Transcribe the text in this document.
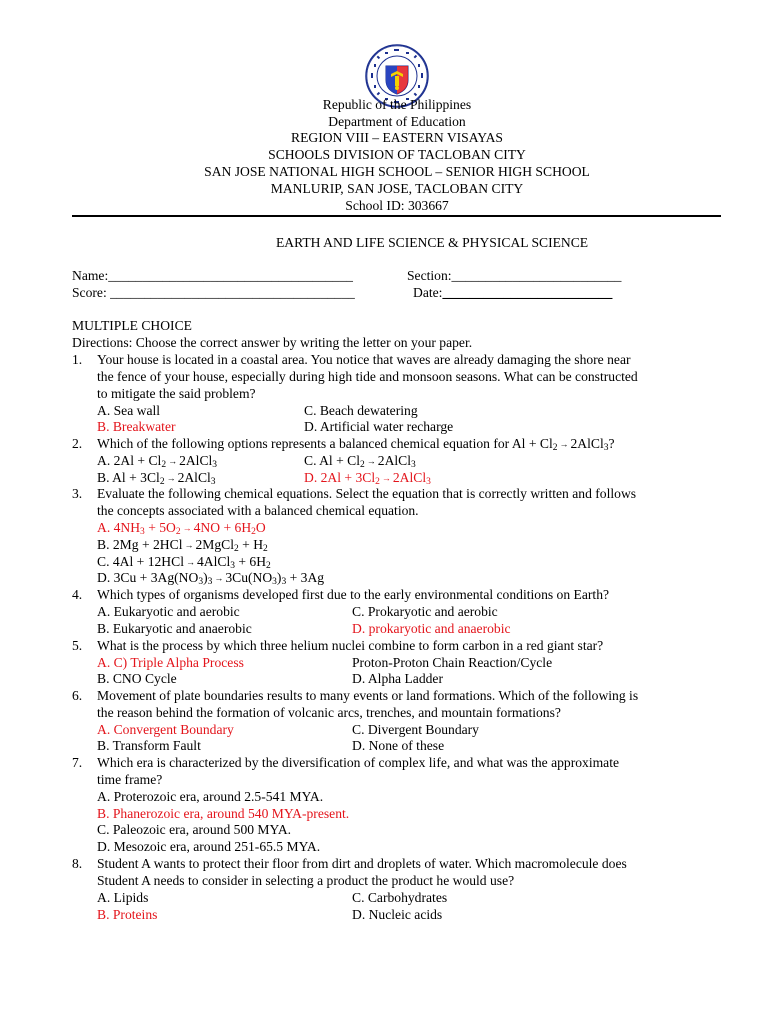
Republic of the Philippines
Department of Education
REGION VIII – EASTERN VISAYAS
SCHOOLS DIVISION OF TACLOBAN CITY
SAN JOSE NATIONAL HIGH SCHOOL – SENIOR HIGH SCHOOL
MANLURIP, SAN JOSE, TACLOBAN CITY
School ID: 303667
EARTH AND LIFE SCIENCE & PHYSICAL SCIENCE
Name:____________________________________	Section:_________________________
Score: ____________________________________	Date:_________________________
MULTIPLE CHOICE
Directions: Choose the correct answer by writing the letter on your paper.
1. Your house is located in a coastal area. You notice that waves are already damaging the shore near
the fence of your house, especially during high tide and monsoon seasons. What can be constructed
to mitigate the said problem?
A. Sea wall	C. Beach dewatering
B. Breakwater	D. Artificial water recharge
2. Which of the following options represents a balanced chemical equation for $Al + Cl_2$ → 2AlCl$_3$?
A. $2Al + Cl_2$ → 2AlCl$_3$	C. $Al + Cl_2$ → 2AlCl$_3$
B. $Al + 3Cl_2$ → 2AlCl$_3$	D. $2Al + 3Cl_2$ → 2AlCl$_3$
3. Evaluate the following chemical equations. Select the equation that is correctly written and follows
the concepts associated with a balanced chemical equation.
A. $4NH_3 + 5O_2 \to 4NO + 6H_2O$
B. 2Mg + 2HCl → 2MgCl$_2$ + $H_2$
C. 4Al + 12HCl → 4AlCl$_3$ + $6H_2$
D. $3Cu + 3Ag(NO_3)_3 \to 3Cu(NO_3)_3 + 3Ag$
4. Which types of organisms developed first due to the early environmental conditions on Earth?
A. Eukaryotic and aerobic	C. Prokaryotic and aerobic
B. Eukaryotic and anaerobic	D. prokaryotic and anaerobic
5. What is the process by which three helium nuclei combine to form carbon in a red giant star?
A. C) Triple Alpha Process	Proton-Proton Chain Reaction/Cycle
B. CNO Cycle	D. Alpha Ladder
6. Movement of plate boundaries results to many events or land formations. Which of the following is
the reason behind the formation of volcanic arcs, trenches, and mountain formations?
A. Convergent Boundary	C. Divergent Boundary
B. Transform Fault	D. None of these
7. Which era is characterized by the diversification of complex life, and what was the approximate
time frame?
A. Proterozoic era, around 2.5-541 MYA.
B. Phanerozoic era, around 540 MYA-present.
C. Paleozoic era, around 500 MYA.
D. Mesozoic era, around 251-65.5 MYA.
8. Student A wants to protect their floor from dirt and droplets of water. Which macromolecule does
Student A needs to consider in selecting a product the product he would use?
A. Lipids	C. Carbohydrates
B. Proteins	D. Nucleic acids
